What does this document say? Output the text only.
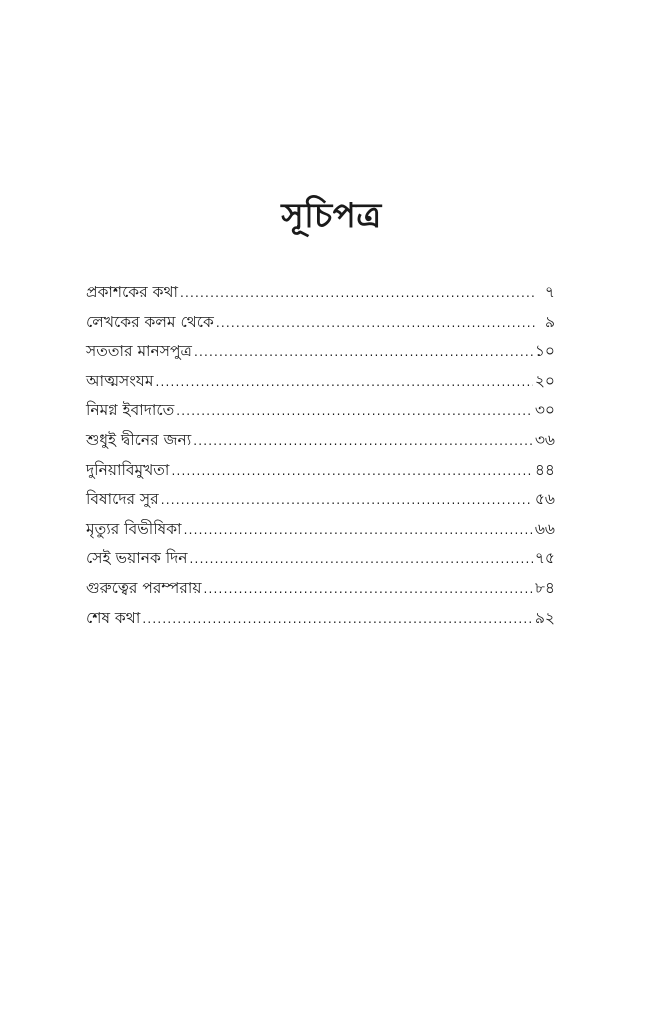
সূচিপত্র
প্রকাশকের কথা .....	৭
লেখকের কলম থেকে .....	৯
সততার মানসপুত্র .....	১০
আত্মসংযম .....	২০
নিমগ্ন ইবাদাতে .....	৩০
শুধুই দ্বীনের জন্য .....	৩৬
দুনিয়াবিমুখতা .....	৪৪
বিষাদের সুর .....	৫৬
মৃত্যুর বিভীষিকা .....	৬৬
সেই ভয়ানক দিন .....	৭৫
গুরুত্বের পরম্পরায় .....	৮৪
শেষ কথা .....	৯২
